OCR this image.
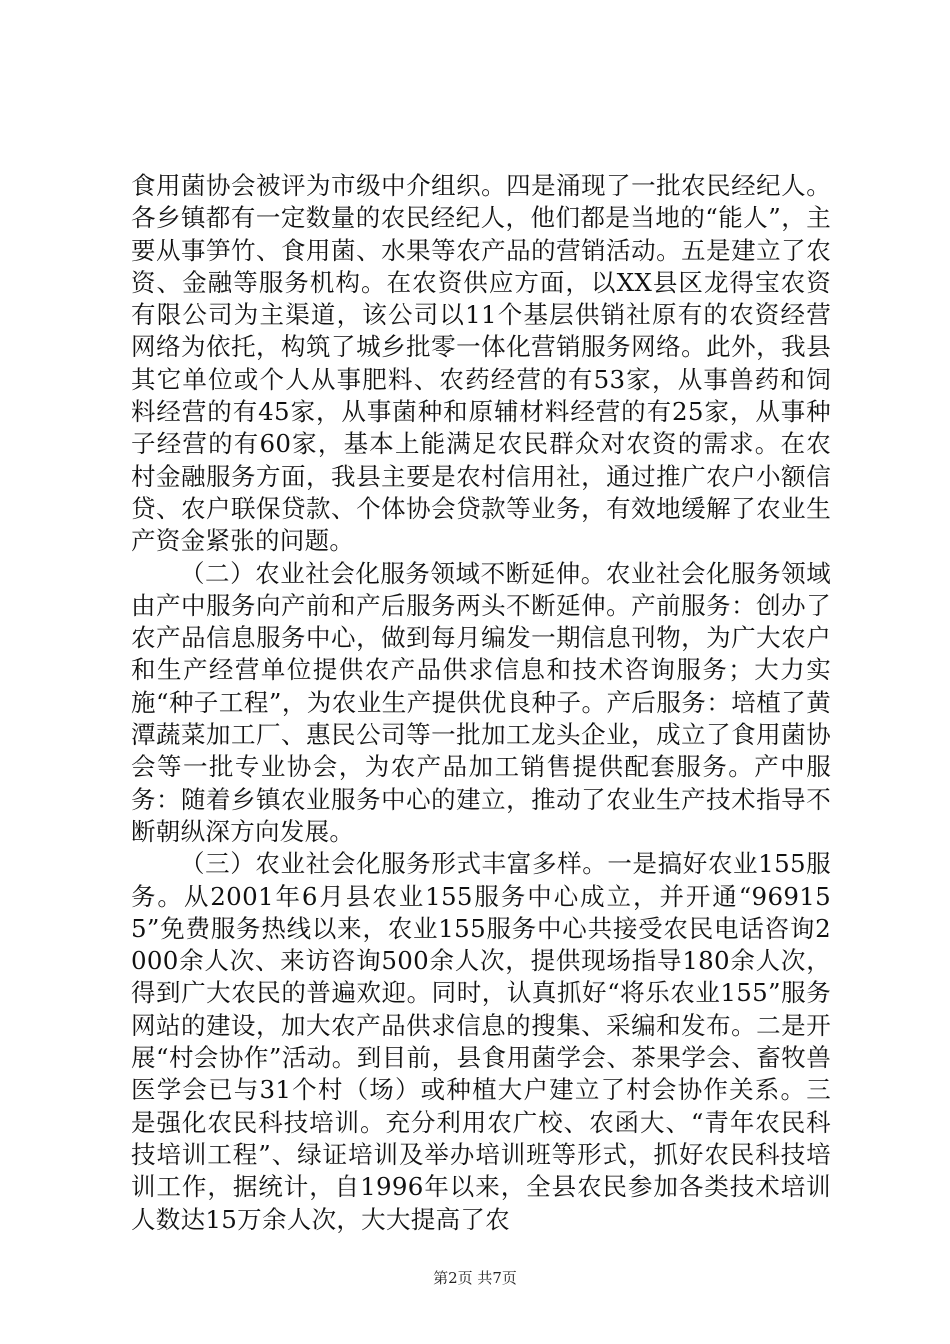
食用菌协会被评为市级中介组织。四是涌现了一批农民经纪人。各乡镇都有一定数量的农民经纪人，他们都是当地的“能人”，主要从事笋竹、食用菌、水果等农产品的营销活动。五是建立了农资、金融等服务机构。在农资供应方面，以XX县区龙得宝农资有限公司为主渠道，该公司以11个基层供销社原有的农资经营网络为依托，构筑了城乡批零一体化营销服务网络。此外，我县其它单位或个人从事肥料、农药经营的有53家，从事兽药和饲料经营的有45家，从事菌种和原辅材料经营的有25家，从事种子经营的有60家，基本上能满足农民群众对农资的需求。在农村金融服务方面，我县主要是农村信用社，通过推广农户小额信贷、农户联保贷款、个体协会贷款等业务，有效地缓解了农业生产资金紧张的问题。

（二）农业社会化服务领域不断延伸。农业社会化服务领域由产中服务向产前和产后服务两头不断延伸。产前服务：创办了农产品信息服务中心，做到每月编发一期信息刊物，为广大农户和生产经营单位提供农产品供求信息和技术咨询服务；大力实施“种子工程”，为农业生产提供优良种子。产后服务：培植了黄潭蔬菜加工厂、惠民公司等一批加工龙头企业，成立了食用菌协会等一批专业协会，为农产品加工销售提供配套服务。产中服务：随着乡镇农业服务中心的建立，推动了农业生产技术指导不断朝纵深方向发展。

（三）农业社会化服务形式丰富多样。一是搞好农业155服务。从2001年6月县农业155服务中心成立，并开通“969155”免费服务热线以来，农业155服务中心共接受农民电话咨询2000余人次、来访咨询500余人次，提供现场指导180余人次，得到广大农民的普遍欢迎。同时，认真抓好“将乐农业155”服务网站的建设，加大农产品供求信息的搜集、采编和发布。二是开展“村会协作”活动。到目前，县食用菌学会、茶果学会、畜牧兽医学会已与31个村（场）或种植大户建立了村会协作关系。三是强化农民科技培训。充分利用农广校、农函大、“青年农民科技培训工程”、绿证培训及举办培训班等形式，抓好农民科技培训工作，据统计，自1996年以来，全县农民参加各类技术培训人数达15万余人次，大大提高了农

第2页 共7页
